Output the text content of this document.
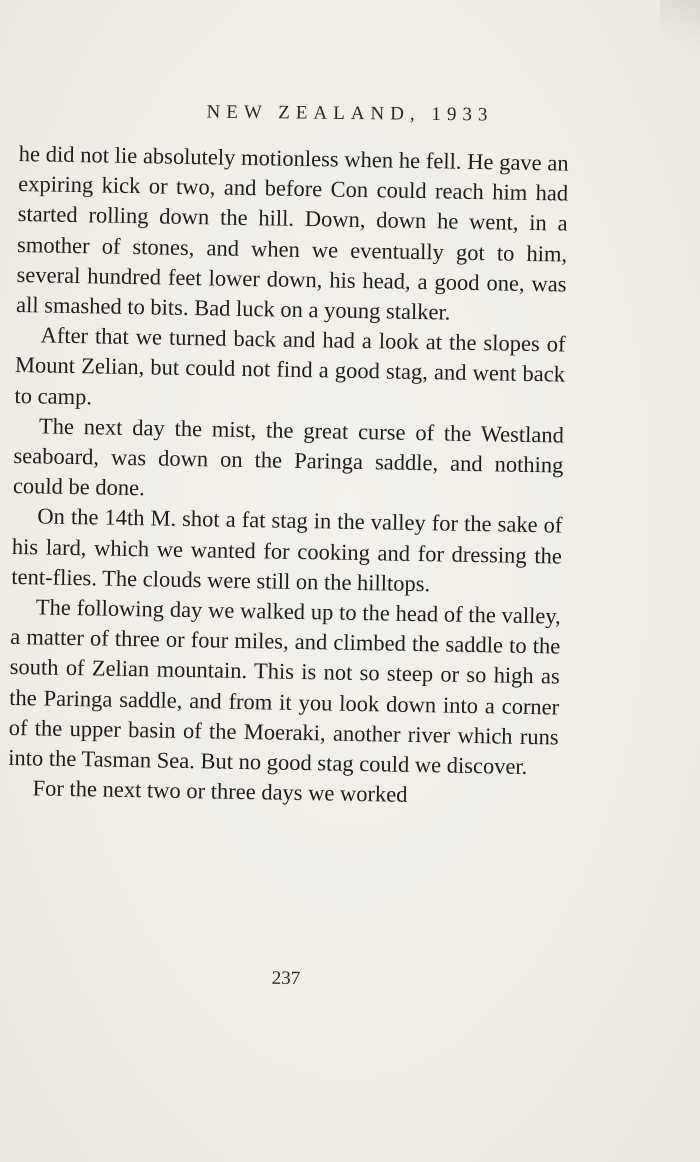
NEW ZEALAND, 1933

he did not lie absolutely motionless when he fell. He gave an expiring kick or two, and before Con could reach him had started rolling down the hill. Down, down he went, in a smother of stones, and when we eventually got to him, several hundred feet lower down, his head, a good one, was all smashed to bits. Bad luck on a young stalker.

After that we turned back and had a look at the slopes of Mount Zelian, but could not find a good stag, and went back to camp.

The next day the mist, the great curse of the Westland seaboard, was down on the Paringa saddle, and nothing could be done.

On the 14th M. shot a fat stag in the valley for the sake of his lard, which we wanted for cooking and for dressing the tent-flies. The clouds were still on the hilltops.

The following day we walked up to the head of the valley, a matter of three or four miles, and climbed the saddle to the south of Zelian mountain. This is not so steep or so high as the Paringa saddle, and from it you look down into a corner of the upper basin of the Moeraki, another river which runs into the Tasman Sea. But no good stag could we discover.

For the next two or three days we worked

237
